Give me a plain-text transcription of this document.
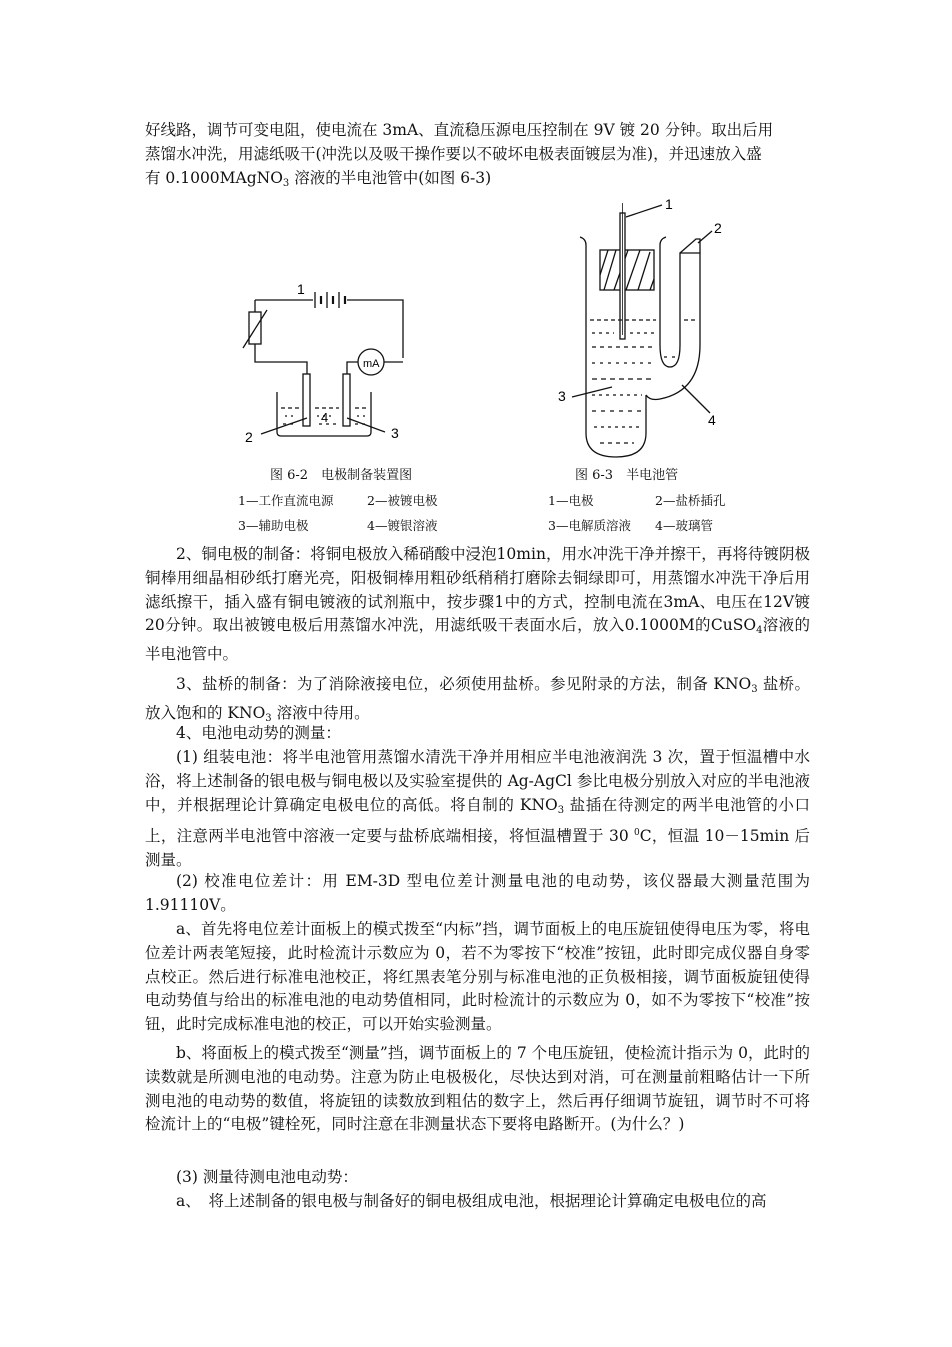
好线路，调节可变电阻，使电流在 3mA、直流稳压源电压控制在 9V 镀 20 分钟。取出后用
蒸馏水冲洗，用滤纸吸干(冲洗以及吸干操作要以不破坏电极表面镀层为准)，并迅速放入盛
有 0.1000MAgNO$_3$ 溶液的半电池管中(如图 6-3)
1
mA
4
2	3
1
2
3
4
图 6-2　电极制备装置图
1—工作直流电源	2—被镀电极
3—辅助电极	4—镀银溶液
图 6-3　半电池管
1—电极	2—盐桥插孔
3—电解质溶液 4—玻璃管
2、铜电极的制备：将铜电极放入稀硝酸中浸泡10min，用水冲洗干净并擦干，再将待镀阴极铜棒用细晶相砂纸打磨光亮，阳极铜棒用粗砂纸稍稍打磨除去铜绿即可，用蒸馏水冲洗干净后用滤纸擦干，插入盛有铜电镀液的试剂瓶中，按步骤1中的方式，控制电流在3mA、电压在12V镀20分钟。取出被镀电极后用蒸馏水冲洗，用滤纸吸干表面水后，放入0.1000M的CuSO$_4$溶液的半电池管中。
3、盐桥的制备：为了消除液接电位，必须使用盐桥。参见附录的方法，制备 $KNO_3$ 盐桥。放入饱和的 $KNO_3$ 溶液中待用。
4、电池电动势的测量：
(1) 组装电池：将半电池管用蒸馏水清洗干净并用相应半电池液润洗 3 次，置于恒温槽中水浴，将上述制备的银电极与铜电极以及实验室提供的 Ag-AgCl 参比电极分别放入对应的半电池液中，并根据理论计算确定电极电位的高低。将自制的 $KNO_3$ 盐插在待测定的两半电池管的小口上，注意两半电池管中溶液一定要与盐桥底端相接，将恒温槽置于 30 $^0$C，恒温 10－15min 后测量。
(2) 校准电位差计：用 EM-3D 型电位差计测量电池的电动势，该仪器最大测量范围为 1.91110V。
a、首先将电位差计面板上的模式拨至“内标”挡，调节面板上的电压旋钮使得电压为零，将电位差计两表笔短接，此时检流计示数应为 0，若不为零按下“校准”按钮，此时即完成仪器自身零点校正。然后进行标准电池校正，将红黑表笔分别与标准电池的正负极相接，调节面板旋钮使得电动势值与给出的标准电池的电动势值相同，此时检流计的示数应为 0，如不为零按下“校准”按钮，此时完成标准电池的校正，可以开始实验测量。
b、将面板上的模式拨至“测量”挡，调节面板上的 7 个电压旋钮，使检流计指示为 0，此时的读数就是所测电池的电动势。注意为防止电极极化，尽快达到对消，可在测量前粗略估计一下所测电池的电动势的数值，将旋钮的读数放到粗估的数字上，然后再仔细调节旋钮，调节时不可将检流计上的“电极”键栓死，同时注意在非测量状态下要将电路断开。(为什么？)
(3) 测量待测电池电动势：
a、　将上述制备的银电极与制备好的铜电极组成电池，根据理论计算确定电极电位的高
